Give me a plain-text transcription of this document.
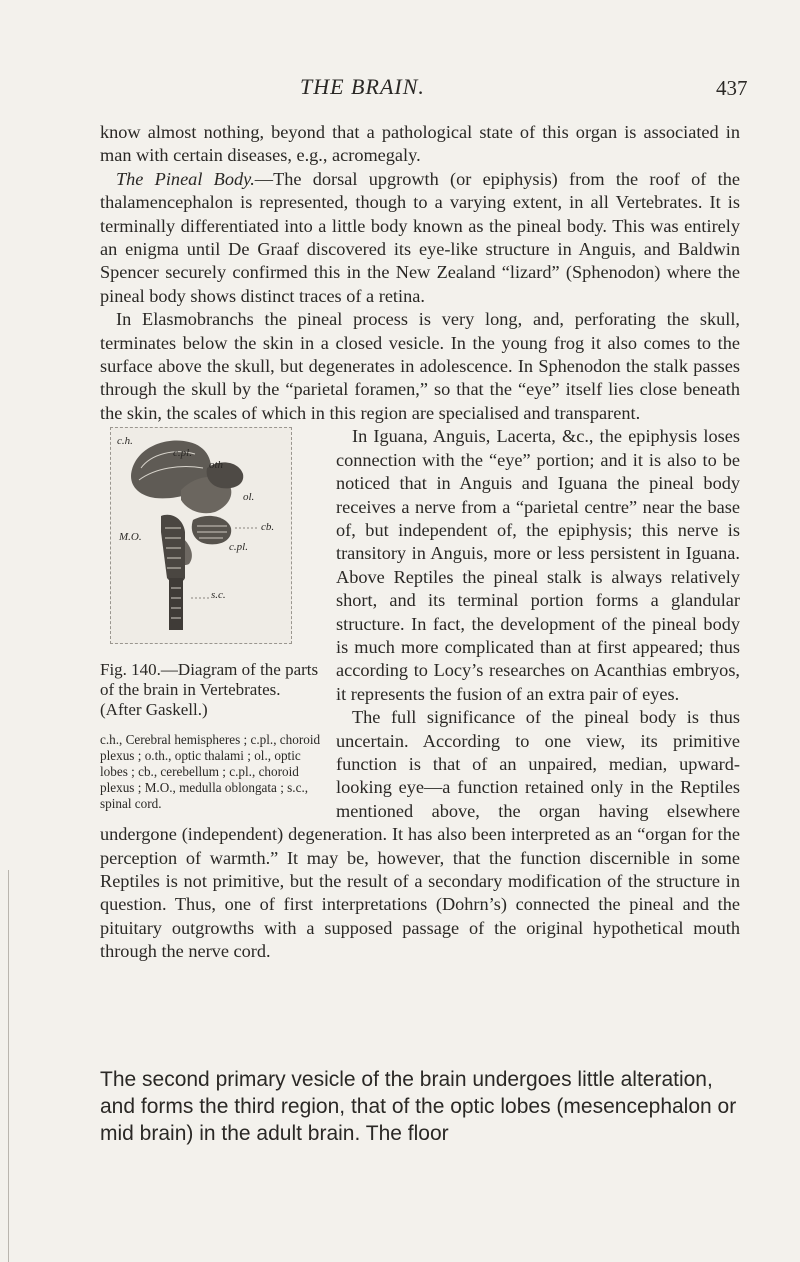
THE BRAIN.	437

know almost nothing, beyond that a pathological state of this organ is associated in man with certain diseases, e.g., acromegaly.

The Pineal Body.—The dorsal upgrowth (or epiphysis) from the roof of the thalamencephalon is represented, though to a varying extent, in all Vertebrates. It is terminally differentiated into a little body known as the pineal body. This was entirely an enigma until De Graaf discovered its eye-like structure in Anguis, and Baldwin Spencer securely confirmed this in the New Zealand “lizard” (Sphenodon) where the pineal body shows distinct traces of a retina.

In Elasmobranchs the pineal process is very long, and, perforating the skull, terminates below the skin in a closed vesicle. In the young frog it also comes to the surface above the skull, but degenerates in adolescence. In Sphenodon the stalk passes through the skull by the “parietal foramen,” so that the “eye” itself lies close beneath the skin, the scales of which in this region are specialised and transparent.

c.h.
c.pl.
oth
ol.
cb.
M.O.
c.pl.
s.c.
Fig. 140.—Diagram of the parts of the brain in Vertebrates. (After Gaskell.)
c.h., Cerebral hemispheres ; c.pl., choroid plexus ; o.th., optic thalami ; ol., optic lobes ; cb., cerebellum ; c.pl., choroid plexus ; M.O., medulla oblongata ; s.c., spinal cord.

In Iguana, Anguis, Lacerta, &c., the epiphysis loses connection with the “eye” portion; and it is also to be noticed that in Anguis and Iguana the pineal body receives a nerve from a “parietal centre” near the base of, but independent of, the epiphysis; this nerve is transitory in Anguis, more or less persistent in Iguana. Above Reptiles the pineal stalk is always relatively short, and its terminal portion forms a glandular structure. In fact, the development of the pineal body is much more complicated than at first appeared; thus according to Locy’s researches on Acanthias embryos, it represents the fusion of an extra pair of eyes.

The full significance of the pineal body is thus uncertain. According to one view, its primitive function is that of an unpaired, median, upward-looking eye—a function retained only in the Reptiles mentioned above, the organ having elsewhere undergone (independent) degeneration. It has also been interpreted as an “organ for the perception of warmth.” It may be, however, that the function discernible in some Reptiles is not primitive, but the result of a secondary modification of the structure in question. Thus, one of first interpretations (Dohrn’s) connected the pineal and the pituitary outgrowths with a supposed passage of the original hypothetical mouth through the nerve cord.

The second primary vesicle of the brain undergoes little alteration, and forms the third region, that of the optic lobes (mesencephalon or mid brain) in the adult brain. The floor
